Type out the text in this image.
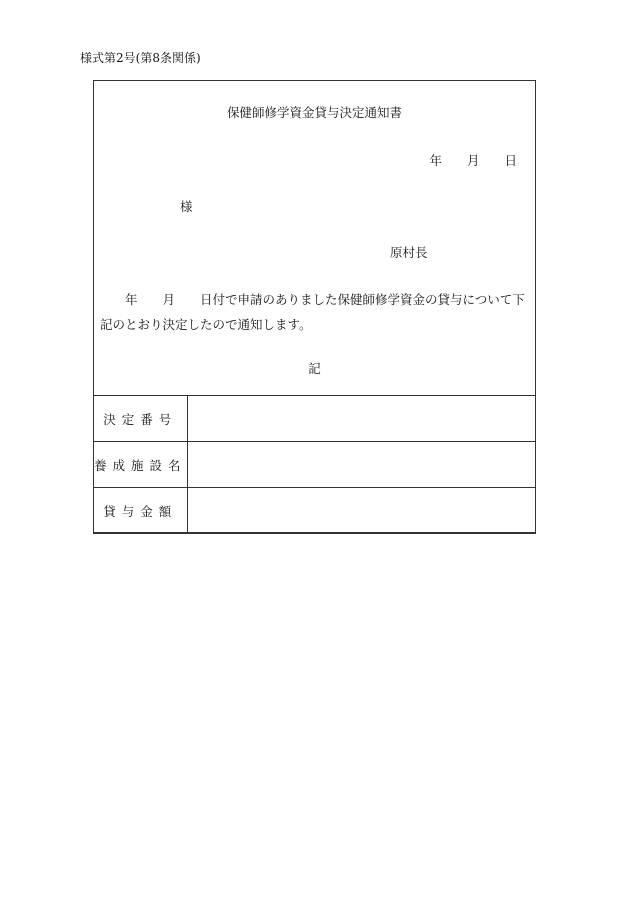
様式第2号(第8条関係)
保健師修学資金貸与決定通知書
年　　月　　日
様
原村長
　　年　　月　　日付で申請のありました保健師修学資金の貸与について下
記のとおり決定したので通知します。
記
決定番号	
養成施設名	
貸与金額	
